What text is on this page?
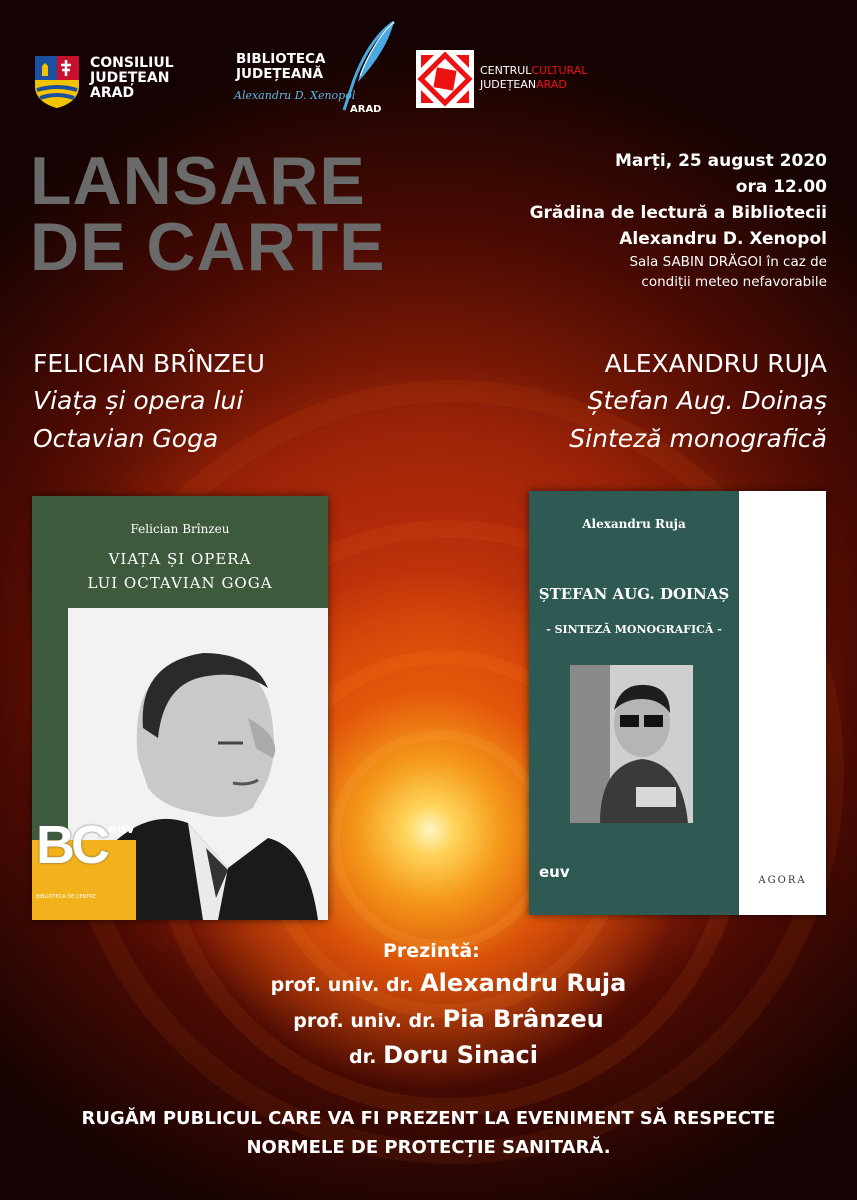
CONSILIUL
JUDEȚEAN
ARAD
BIBLIOTECA
JUDEȚEANĂ
Alexandru D. Xenopol
ARAD
CENTRULCULTURAL
JUDEȚEANARAD
LANSARE
DE CARTE
Marți, 25 august 2020
ora 12.00
Grădina de lectură a Bibliotecii
Alexandru D. Xenopol
Sala SABIN DRĂGOI în caz de
condiții meteo nefavorabile
FELICIAN BRÎNZEU
Viața și opera lui
Octavian Goga
ALEXANDRU RUJA
Ștefan Aug. Doinaș
Sinteză monografică
Felician Brînzeu
VIAȚA ȘI OPERA
LUI OCTAVIAN GOGA
BC euv
BIBLIOTECA DE CENTRE
Alexandru Ruja
ȘTEFAN AUG. DOINAȘ
- SINTEZĂ MONOGRAFICĂ -
euv	AGORA
Prezintă:
prof. univ. dr. Alexandru Ruja
prof. univ. dr. Pia Brânzeu
dr. Doru Sinaci
RUGĂM PUBLICUL CARE VA FI PREZENT LA EVENIMENT SĂ RESPECTE
NORMELE DE PROTECȚIE SANITARĂ.
